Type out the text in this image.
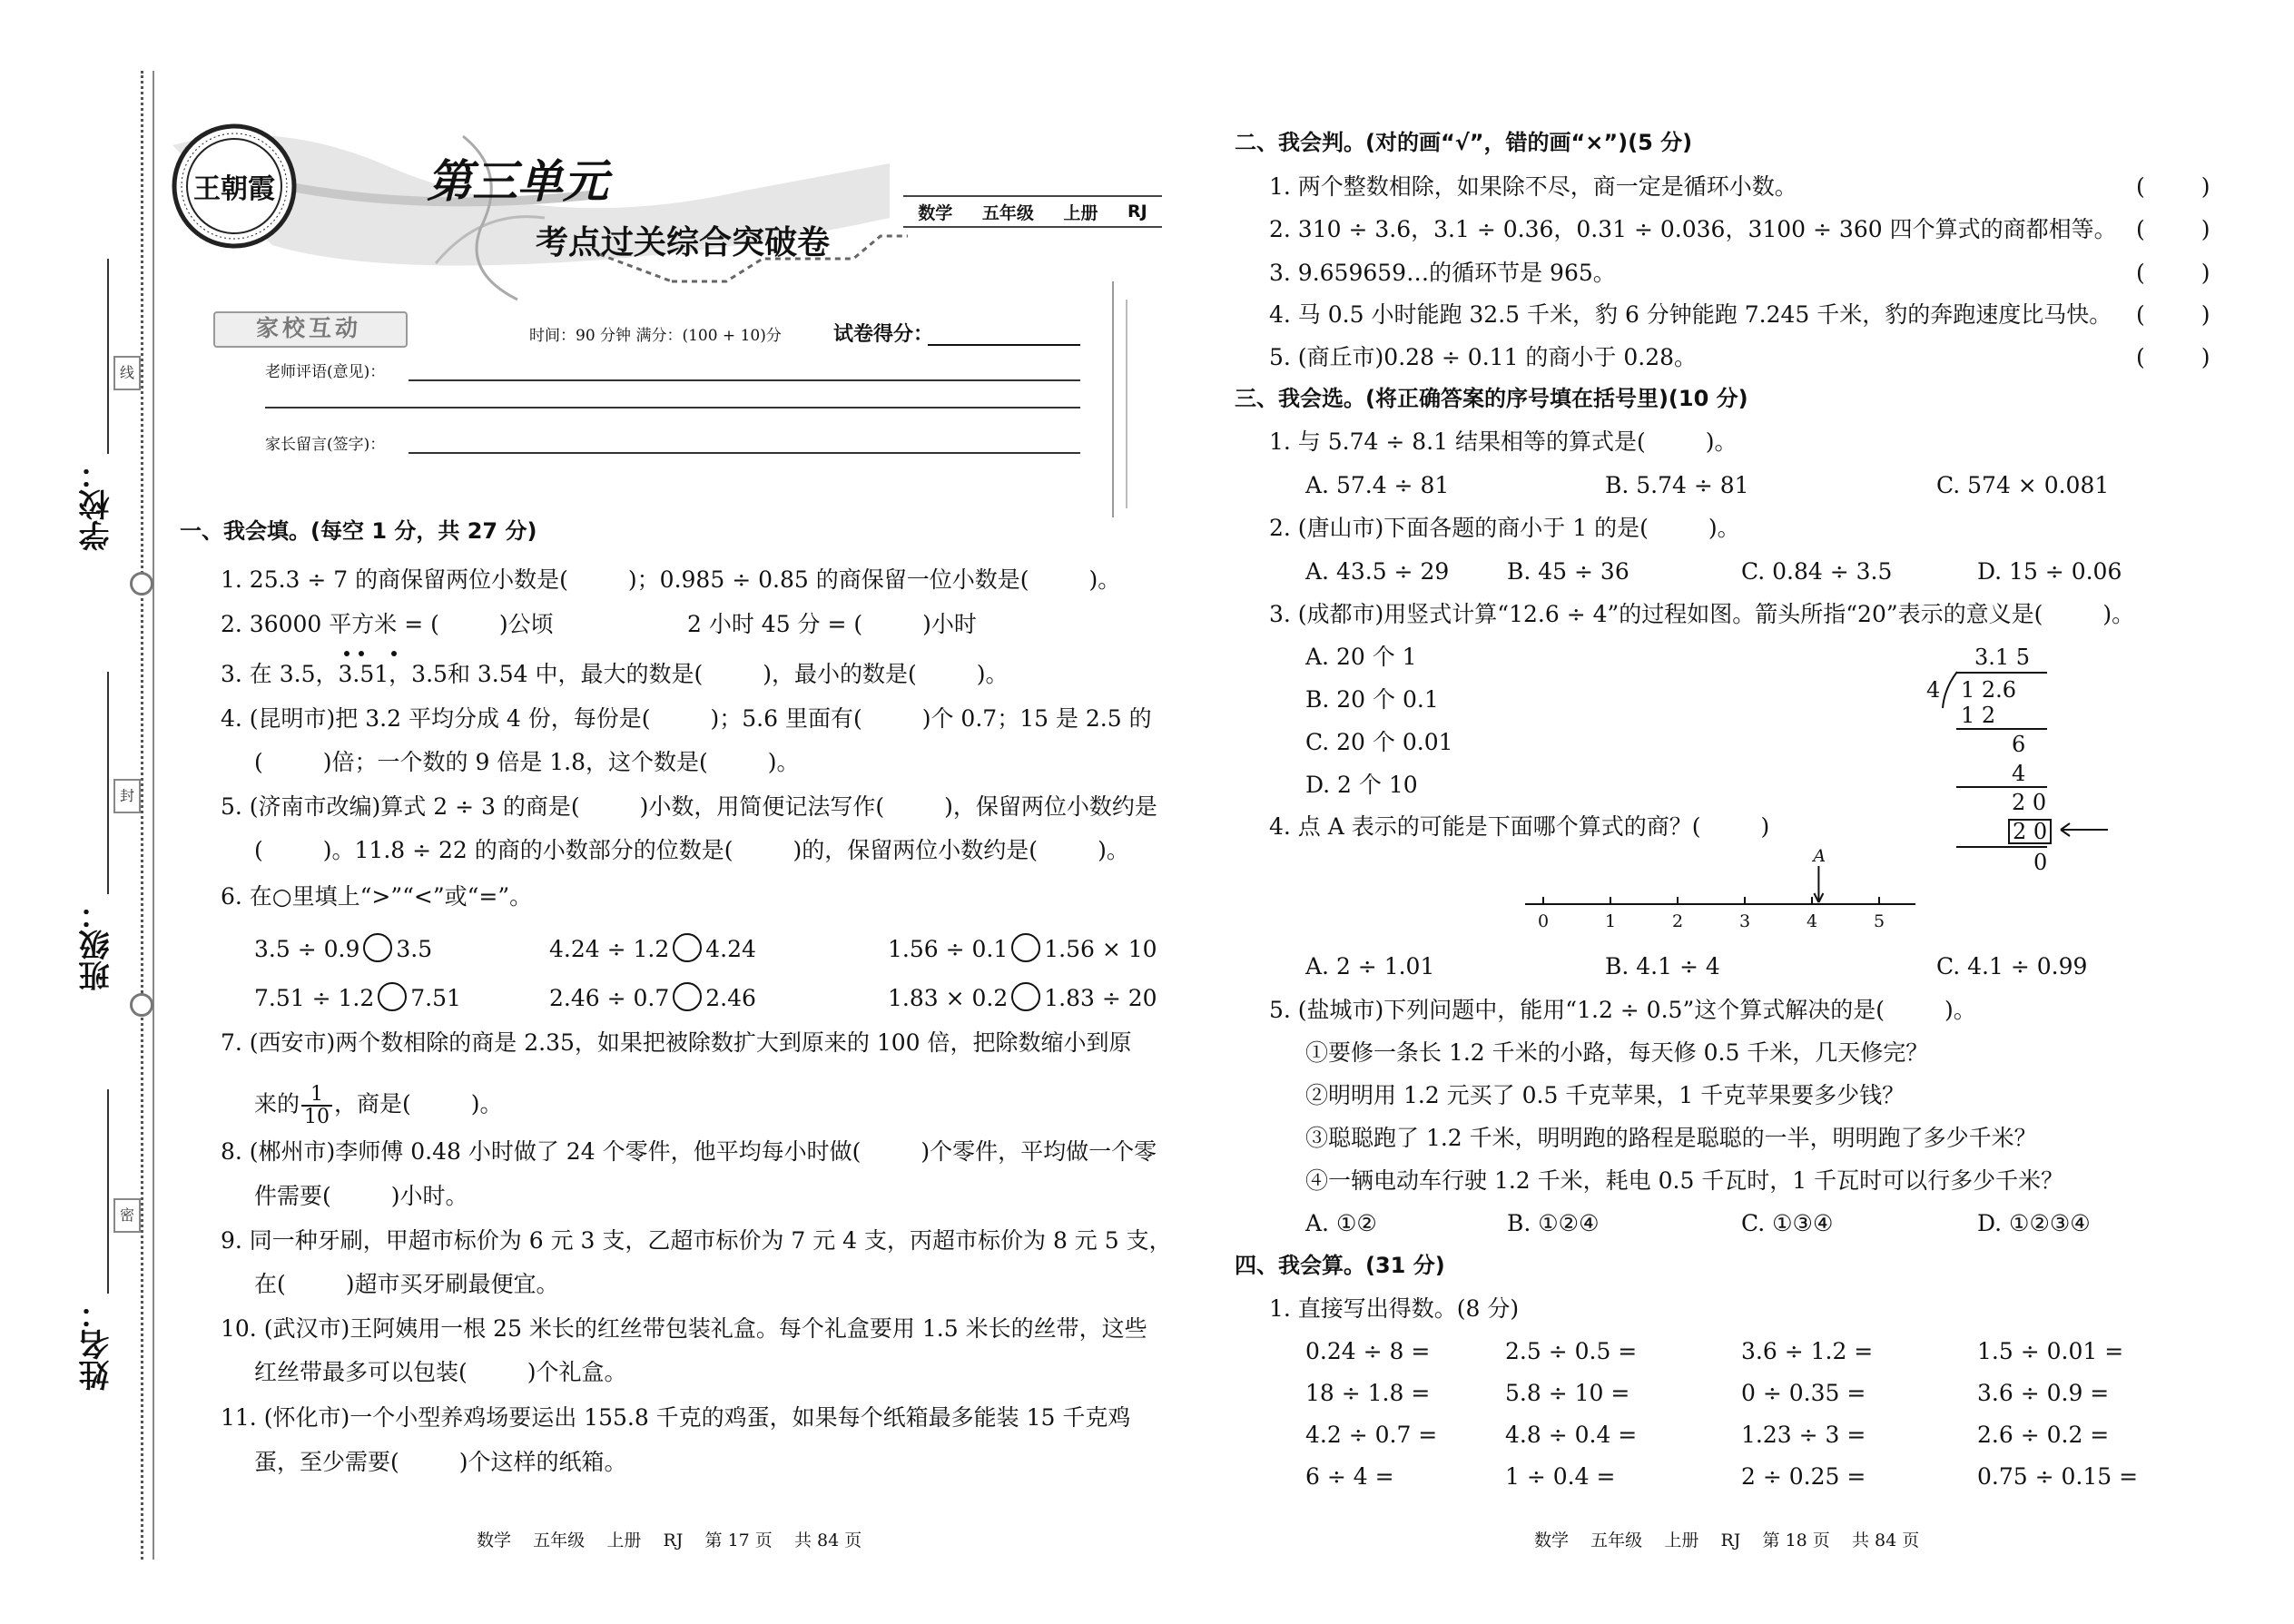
线
封
密
学校：
班级：
姓名：
王朝霞	第三单元
考点过关综合突破卷
数学 五年级 上册 RJ
家校互动	时间：90 分钟 满分：(100 + 10)分	试卷得分：
老师评语(意见)：
家长留言(签字)：
一、我会填。(每空 1 分，共 27 分)
1. 25.3 ÷ 7 的商保留两位小数是(	)；0.985 ÷ 0.85 的商保留一位小数是(	)。
2. 36000 平方米 = (	)公顷	2 小时 45 分 = (	)小时
3. 在 3.5，3.51，3.5和 3.54 中，最大的数是(	)，最小的数是(	)。
4. (昆明市)把 3.2 平均分成 4 份，每份是(	)；5.6 里面有(	)个 0.7；15 是 2.5 的
(	)倍；一个数的 9 倍是 1.8，这个数是(	)。
5. (济南市改编)算式 2 ÷ 3 的商是(	)小数，用简便记法写作(	)，保留两位小数约是
(	)。11.8 ÷ 22 的商的小数部分的位数是(	)的，保留两位小数约是(	)。
6. 在○里填上“>”“<”或“=”。
3.5 ÷ 0.9 3.5	4.24 ÷ 1.2 4.24	1.56 ÷ 0.1 1.56 × 10
7.51 ÷ 1.2 7.51	2.46 ÷ 0.7 2.46	1.83 × 0.2 1.83 ÷ 20
7. (西安市)两个数相除的商是 2.35，如果把被除数扩大到原来的 100 倍，把除数缩小到原
来的 $\frac{1}{10}$ ，商是(	)。
8. (郴州市)李师傅 0.48 小时做了 24 个零件，他平均每小时做(	)个零件，平均做一个零
件需要(	)小时。
9. 同一种牙刷，甲超市标价为 6 元 3 支，乙超市标价为 7 元 4 支，丙超市标价为 8 元 5 支，
在(	)超市买牙刷最便宜。
10. (武汉市)王阿姨用一根 25 米长的红丝带包装礼盒。每个礼盒要用 1.5 米长的丝带，这些
红丝带最多可以包装(	)个礼盒。
11. (怀化市)一个小型养鸡场要运出 155.8 千克的鸡蛋，如果每个纸箱最多能装 15 千克鸡
蛋，至少需要(	)个这样的纸箱。
数学    五年级    上册    RJ    第 17 页    共 84 页
二、我会判。(对的画“√”，错的画“×”)(5 分)
1. 两个整数相除，如果除不尽，商一定是循环小数。
2. 310 ÷ 3.6，3.1 ÷ 0.36，0.31 ÷ 0.036，3100 ÷ 360 四个算式的商都相等。
3. 9.659659…的循环节是 965。
4. 马 0.5 小时能跑 32.5 千米，豹 6 分钟能跑 7.245 千米，豹的奔跑速度比马快。
5. (商丘市)0.28 ÷ 0.11 的商小于 0.28。
( )
( )
( )
( )
( )
三、我会选。(将正确答案的序号填在括号里)(10 分)
1. 与 5.74 ÷ 8.1 结果相等的算式是(	)。
A. 57.4 ÷ 81	B. 5.74 ÷ 81	C. 574 × 0.081
2. (唐山市)下面各题的商小于 1 的是(	)。
A. 43.5 ÷ 29	B. 45 ÷ 36	C. 0.84 ÷ 3.5	D. 15 ÷ 0.06
3. (成都市)用竖式计算“12.6 ÷ 4”的过程如图。箭头所指“20”表示的意义是(	)。
A. 20 个 1
B. 20 个 0.1
C. 20 个 0.01
D. 2 个 10
3.1 5
4 1 2.6
1 2
6
4
2 0
2 0
0
4. 点 A 表示的可能是下面哪个算式的商？(	)
0	1	2	3	4	5
A
A. 2 ÷ 1.01	B. 4.1 ÷ 4	C. 4.1 ÷ 0.99
5. (盐城市)下列问题中，能用“1.2 ÷ 0.5”这个算式解决的是(	)。
①要修一条长 1.2 千米的小路，每天修 0.5 千米，几天修完？
②明明用 1.2 元买了 0.5 千克苹果，1 千克苹果要多少钱？
③聪聪跑了 1.2 千米，明明跑的路程是聪聪的一半，明明跑了多少千米？
④一辆电动车行驶 1.2 千米，耗电 0.5 千瓦时，1 千瓦时可以行多少千米？
A. ①②	B. ①②④	C. ①③④	D. ①②③④
四、我会算。(31 分)
1. 直接写出得数。(8 分)
0.24 ÷ 8 =	2.5 ÷ 0.5 =	3.6 ÷ 1.2 =	1.5 ÷ 0.01 =
18 ÷ 1.8 =	5.8 ÷ 10 =	0 ÷ 0.35 =	3.6 ÷ 0.9 =
4.2 ÷ 0.7 =	4.8 ÷ 0.4 =	1.23 ÷ 3 =	2.6 ÷ 0.2 =
6 ÷ 4 =	1 ÷ 0.4 =	2 ÷ 0.25 =	0.75 ÷ 0.15 =
数学    五年级    上册    RJ    第 18 页    共 84 页
